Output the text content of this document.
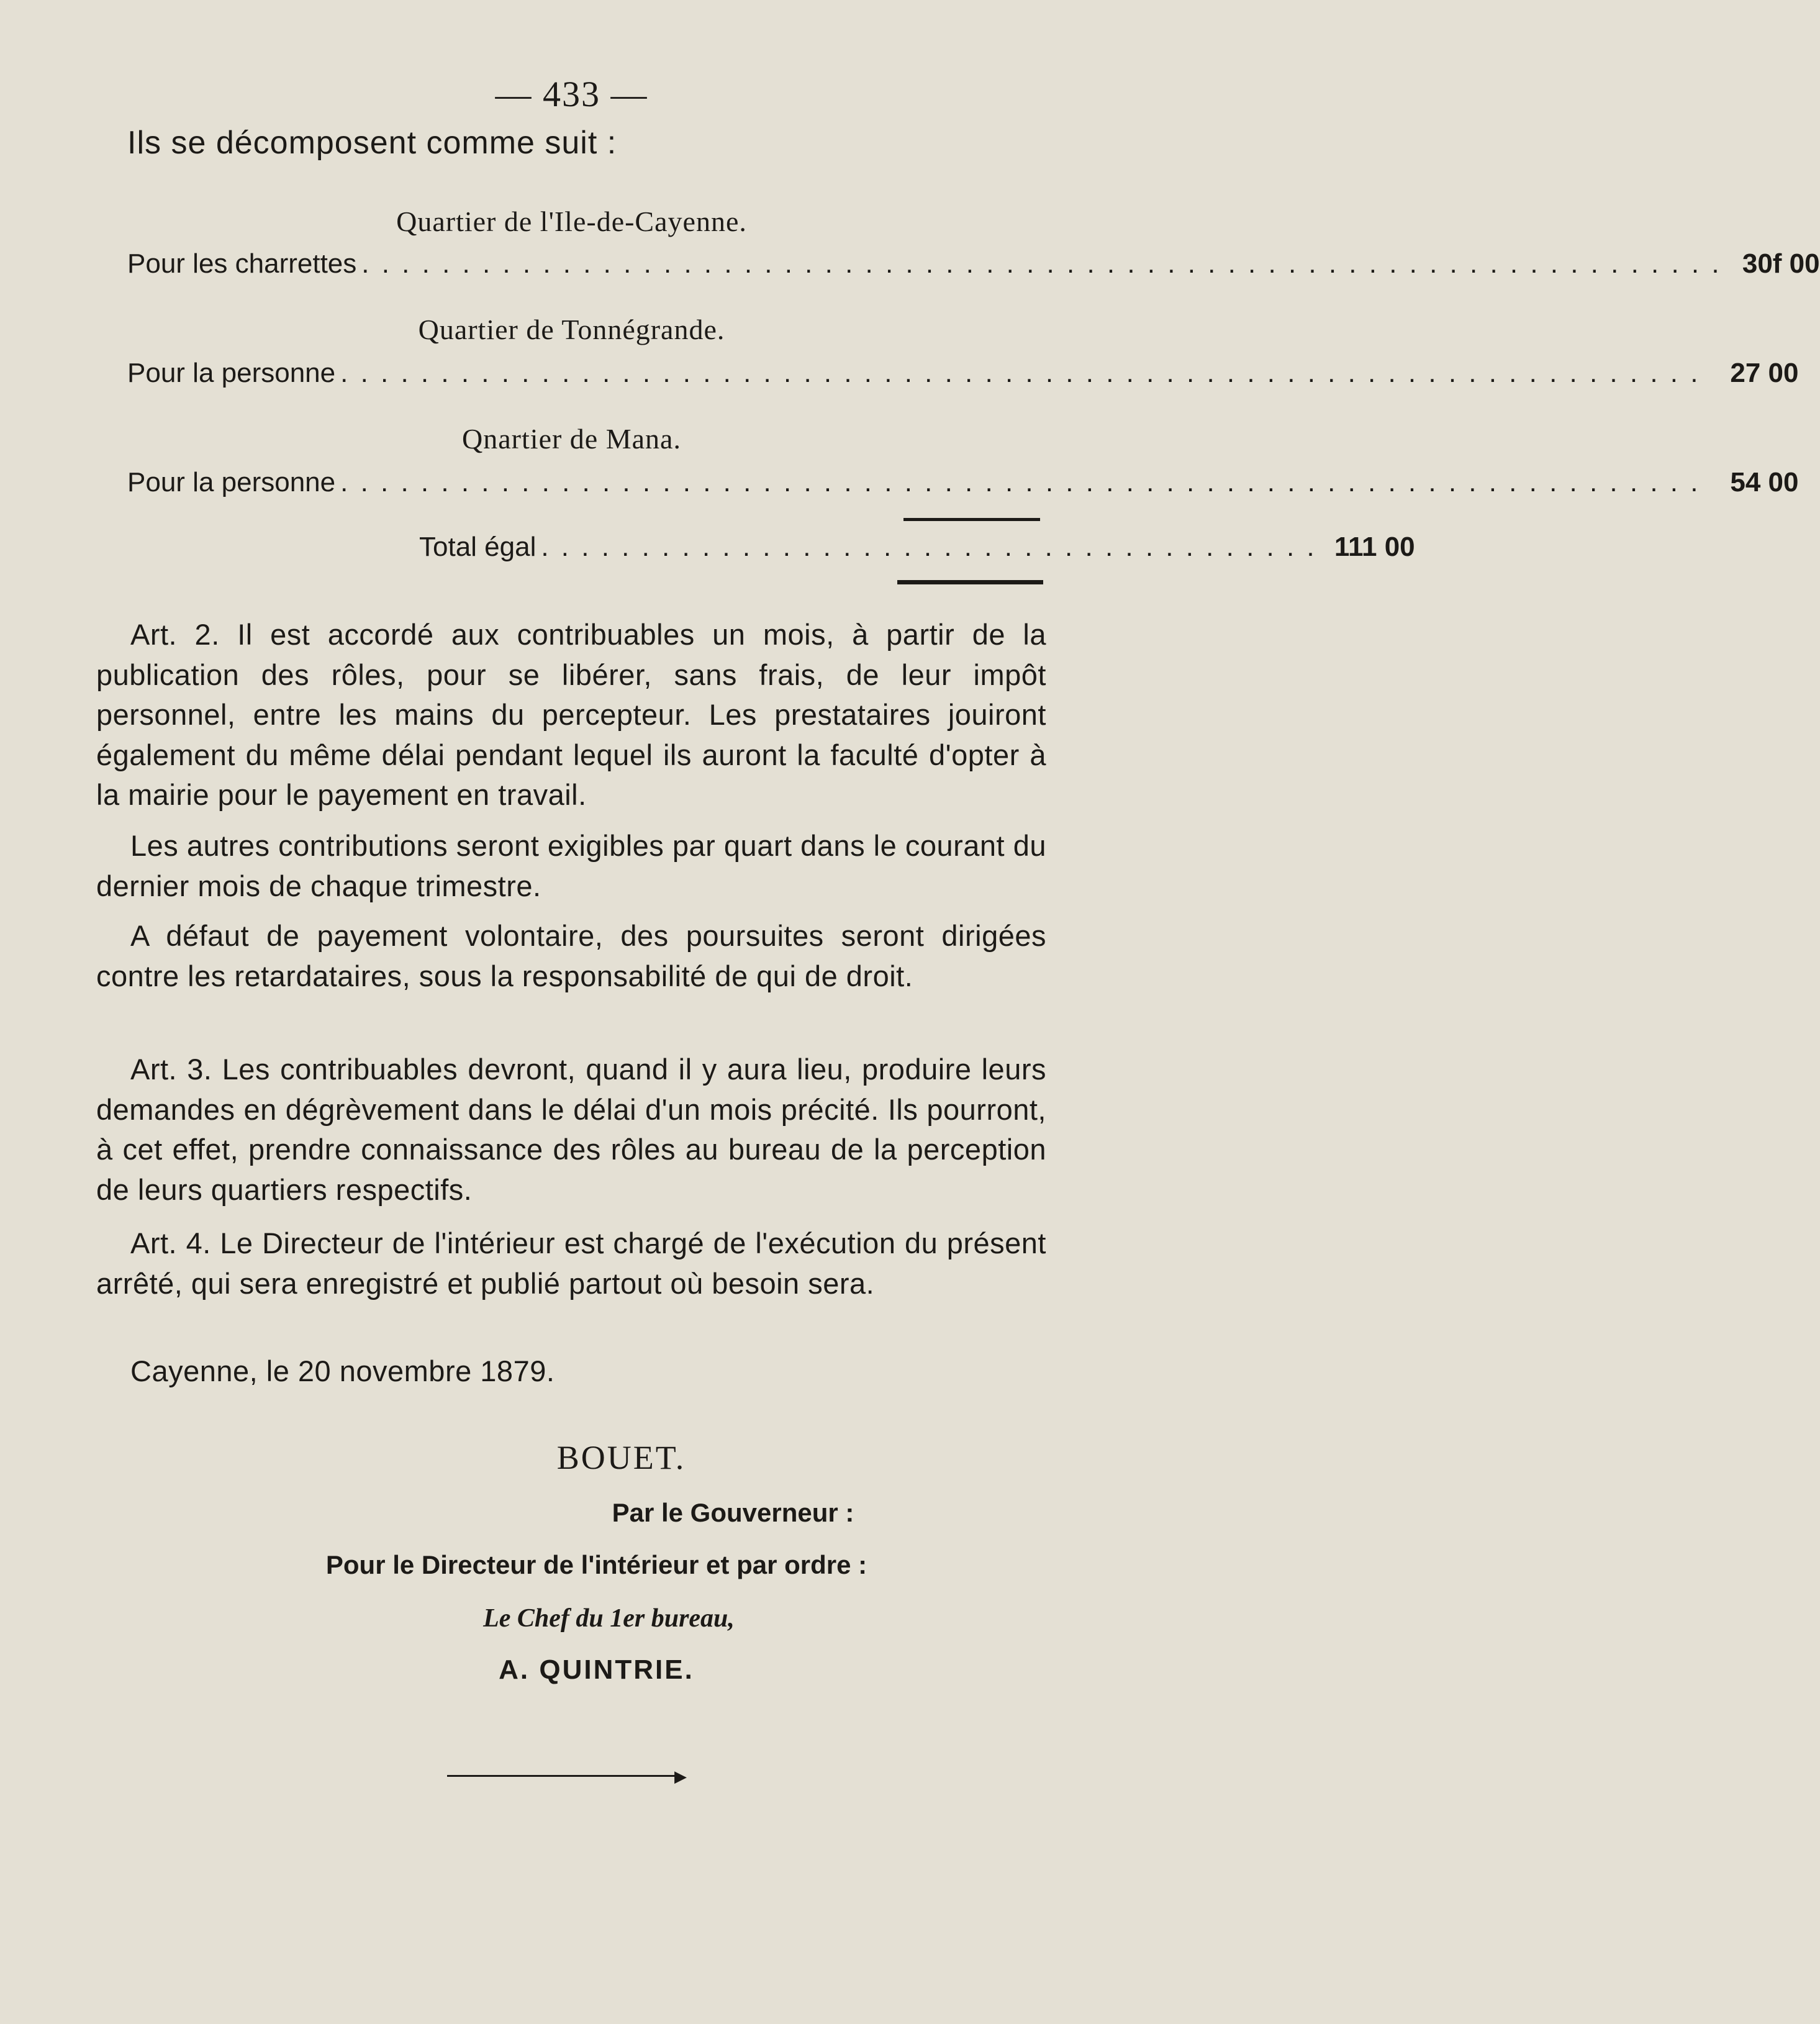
— 433 —
Ils se décomposent comme suit :
Quartier de l'Ile-de-Cayenne.
Pour les charrettes . . . . . . . . . . . . . . . . . . . . . . . . . . . . . . . . . . . . . . . . . . . . . . . . . . . . . . . . . . . . . . . . . . . . 30f 00
Quartier de Tonnégrande.
Pour la personne . . . . . . . . . . . . . . . . . . . . . . . . . . . . . . . . . . . . . . . . . . . . . . . . . . . . . . . . . . . . . . . . . . . .	27 00
Qnartier de Mana.
Pour la personne . . . . . . . . . . . . . . . . . . . . . . . . . . . . . . . . . . . . . . . . . . . . . . . . . . . . . . . . . . . . . . . . . . . .	54 00
Total égal . . . . . . . . . . . . . . . . . . . . . . . . . . . . . . . . . . . . . . . 111 00

Art. 2. Il est accordé aux contribuables un mois, à partir de la publication des rôles, pour se libérer, sans frais, de leur impôt personnel, entre les mains du percepteur. Les prestataires jouiront également du même délai pendant lequel ils auront la faculté d'opter à la mairie pour le payement en travail.

Les autres contributions seront exigibles par quart dans le courant du dernier mois de chaque trimestre.

A défaut de payement volontaire, des poursuites seront dirigées contre les retardataires, sous la responsabilité de qui de droit.

Art. 3. Les contribuables devront, quand il y aura lieu, produire leurs demandes en dégrèvement dans le délai d'un mois précité. Ils pourront, à cet effet, prendre connaissance des rôles au bureau de la perception de leurs quartiers respectifs.

Art. 4. Le Directeur de l'intérieur est chargé de l'exécution du présent arrêté, qui sera enregistré et publié partout où besoin sera.

Cayenne, le 20 novembre 1879.

BOUET.
Par le Gouverneur :
Pour le Directeur de l'intérieur et par ordre :
Le Chef du 1er bureau,
A. QUINTRIE.
▶
